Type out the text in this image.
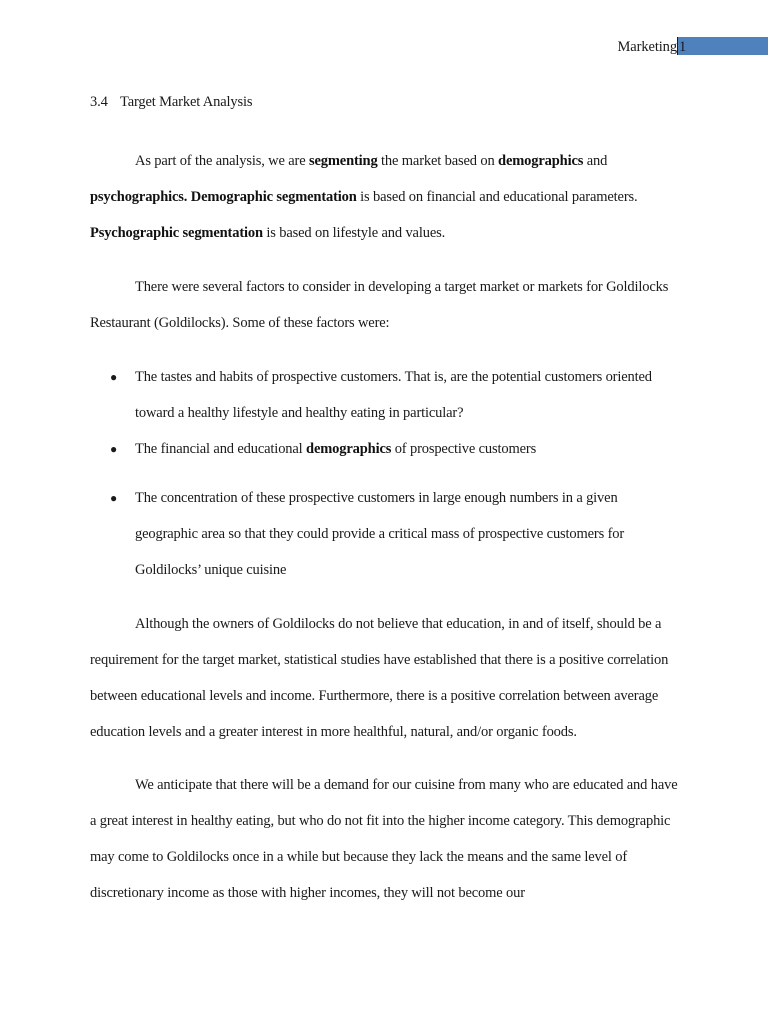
Marketing 1
3.4 Target Market Analysis

As part of the analysis, we are segmenting the market based on demographics and psychographics. Demographic segmentation is based on financial and educational parameters. Psychographic segmentation is based on lifestyle and values.

There were several factors to consider in developing a target market or markets for Goldilocks Restaurant (Goldilocks). Some of these factors were:

● The tastes and habits of prospective customers. That is, are the potential customers oriented toward a healthy lifestyle and healthy eating in particular?
● The financial and educational demographics of prospective customers
● The concentration of these prospective customers in large enough numbers in a given geographic area so that they could provide a critical mass of prospective customers for Goldilocks’ unique cuisine

Although the owners of Goldilocks do not believe that education, in and of itself, should be a requirement for the target market, statistical studies have established that there is a positive correlation between educational levels and income. Furthermore, there is a positive correlation between average education levels and a greater interest in more healthful, natural, and/or organic foods.

We anticipate that there will be a demand for our cuisine from many who are educated and have a great interest in healthy eating, but who do not fit into the higher income category. This demographic may come to Goldilocks once in a while but because they lack the means and the same level of discretionary income as those with higher incomes, they will not become our
